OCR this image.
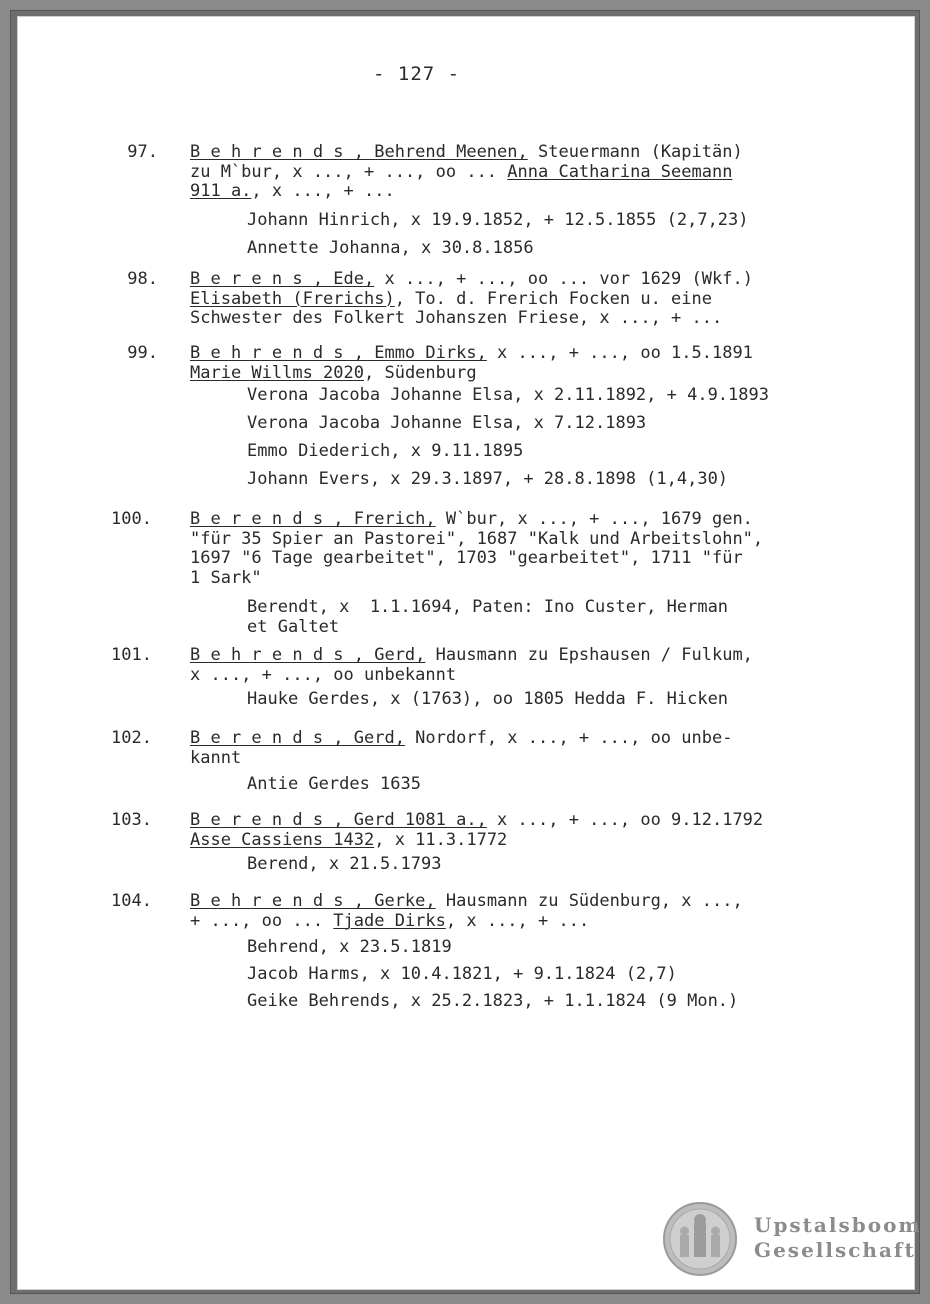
- 127 -
97. B e h r e n d s , Behrend Meenen, Steuermann (Kapitän)
zu M`bur, x ..., + ..., oo ... Anna Catharina Seemann
911 a., x ..., + ...
Johann Hinrich, x 19.9.1852, + 12.5.1855 (2,7,23)
Annette Johanna, x 30.8.1856
98. B e r e n s , Ede, x ..., + ..., oo ... vor 1629 (Wkf.)
Elisabeth (Frerichs), To. d. Frerich Focken u. eine
Schwester des Folkert Johanszen Friese, x ..., + ...
99. B e h r e n d s , Emmo Dirks, x ..., + ..., oo 1.5.1891
Marie Willms 2020, Südenburg
Verona Jacoba Johanne Elsa, x 2.11.1892, + 4.9.1893
Verona Jacoba Johanne Elsa, x 7.12.1893
Emmo Diederich, x 9.11.1895
Johann Evers, x 29.3.1897, + 28.8.1898 (1,4,30)
100. B e r e n d s , Frerich, W`bur, x ..., + ..., 1679 gen.
"für 35 Spier an Pastorei", 1687 "Kalk und Arbeitslohn",
1697 "6 Tage gearbeitet", 1703 "gearbeitet", 1711 "für
1 Sark"
Berendt, x  1.1.1694, Paten: Ino Custer, Herman
et Galtet
101. B e h r e n d s , Gerd, Hausmann zu Epshausen / Fulkum,
x ..., + ..., oo unbekannt
Hauke Gerdes, x (1763), oo 1805 Hedda F. Hicken
102. B e r e n d s , Gerd, Nordorf, x ..., + ..., oo unbe-
kannt
Antie Gerdes 1635
103. B e r e n d s , Gerd 1081 a., x ..., + ..., oo 9.12.1792
Asse Cassiens 1432, x 11.3.1772
Berend, x 21.5.1793
104. B e h r e n d s , Gerke, Hausmann zu Südenburg, x ...,
+ ..., oo ... Tjade Dirks, x ..., + ...
Behrend, x 23.5.1819
Jacob Harms, x 10.4.1821, + 9.1.1824 (2,7)
Geike Behrends, x 25.2.1823, + 1.1.1824 (9 Mon.)
Upstalsboom
Gesellschaft
